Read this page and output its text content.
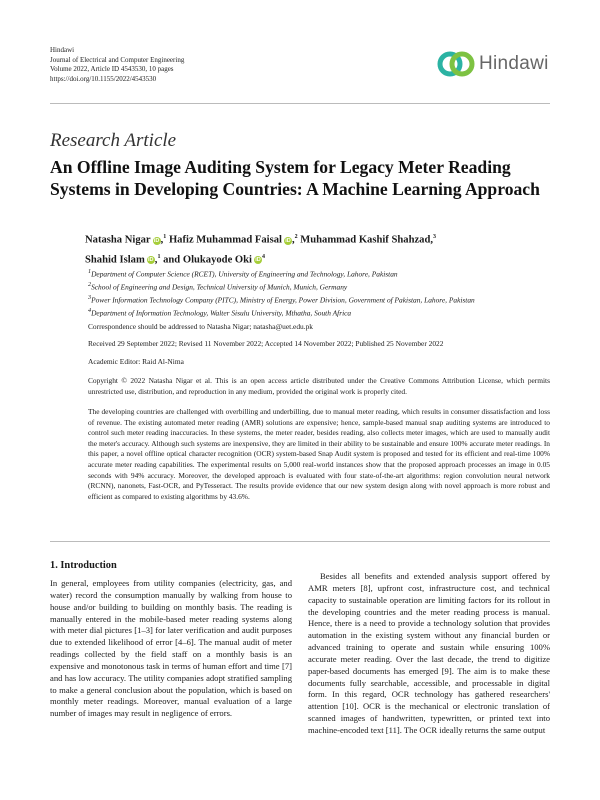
Hindawi
Journal of Electrical and Computer Engineering
Volume 2022, Article ID 4543530, 10 pages
https://doi.org/10.1155/2022/4543530
Hindawi
Research Article
An Offline Image Auditing System for Legacy Meter Reading Systems in Developing Countries: A Machine Learning Approach
Natasha Nigar iD,$^1$ Hafiz Muhammad Faisal iD,$^2$ Muhammad Kashif Shahzad,$^3$
Shahid Islam iD,$^1$ and Olukayode Oki $iD^4$
$^1$Department of Computer Science (RCET), University of Engineering and Technology, Lahore, Pakistan
$^2$School of Engineering and Design, Technical University of Munich, Munich, Germany
$^3$Power Information Technology Company (PITC), Ministry of Energy, Power Division, Government of Pakistan, Lahore, Pakistan
$^4$Department of Information Technology, Walter Sisulu University, Mthatha, South Africa
Correspondence should be addressed to Natasha Nigar; natasha@uet.edu.pk
Received 29 September 2022; Revised 11 November 2022; Accepted 14 November 2022; Published 25 November 2022
Academic Editor: Raid Al-Nima
Copyright © 2022 Natasha Nigar et al. This is an open access article distributed under the Creative Commons Attribution License, which permits unrestricted use, distribution, and reproduction in any medium, provided the original work is properly cited.
The developing countries are challenged with overbilling and underbilling, due to manual meter reading, which results in consumer dissatisfaction and loss of revenue. The existing automated meter reading (AMR) solutions are expensive; hence, sample-based manual snap auditing systems are introduced to control such meter reading inaccuracies. In these systems, the meter reader, besides reading, also collects meter images, which are used to manually audit the meter's accuracy. Although such systems are inexpensive, they are limited in their ability to be sustainable and ensure 100% accurate meter readings. In this paper, a novel offline optical character recognition (OCR) system-based Snap Audit system is proposed and tested for its efficient and real-time 100% accurate meter reading capabilities. The experimental results on 5,000 real-world instances show that the proposed approach processes an image in 0.05 seconds with 94% accuracy. Moreover, the developed approach is evaluated with four state-of-the-art algorithms: region convolution neural network (RCNN), nanonets, Fast-OCR, and PyTesseract. The results provide evidence that our new system design along with novel approach is more robust and efficient as compared to existing algorithms by 43.6%.
1. Introduction

In general, employees from utility companies (electricity, gas, and water) record the consumption manually by walking from house to house and/or building to building on monthly basis. The reading is manually entered in the mobile-based meter reading systems along with meter dial pictures [1–3] for later verification and audit purposes due to extended likelihood of error [4–6]. The manual audit of meter readings collected by the field staff on a monthly basis is an expensive and monotonous task in terms of human effort and time [7] and has low accuracy. The utility companies adopt stratified sampling to make a general conclusion about the population, which is based on monthly meter readings. Moreover, manual evaluation of a large number of images may result in negligence of errors.

Besides all benefits and extended analysis support offered by AMR meters [8], upfront cost, infrastructure cost, and technical capacity to sustainable operation are limiting factors for its rollout in the developing countries and the meter reading process is manual. Hence, there is a need to provide a technology solution that provides automation in the existing system without any financial burden or advanced training to operate and sustain while ensuring 100% accurate meter reading. Over the last decade, the trend to digitize paper-based documents has emerged [9]. The aim is to make these documents fully searchable, accessible, and processable in digital form. In this regard, OCR technology has gathered researchers' attention [10]. OCR is the mechanical or electronic translation of scanned images of handwritten, typewritten, or printed text into machine-encoded text [11]. The OCR ideally returns the same output
